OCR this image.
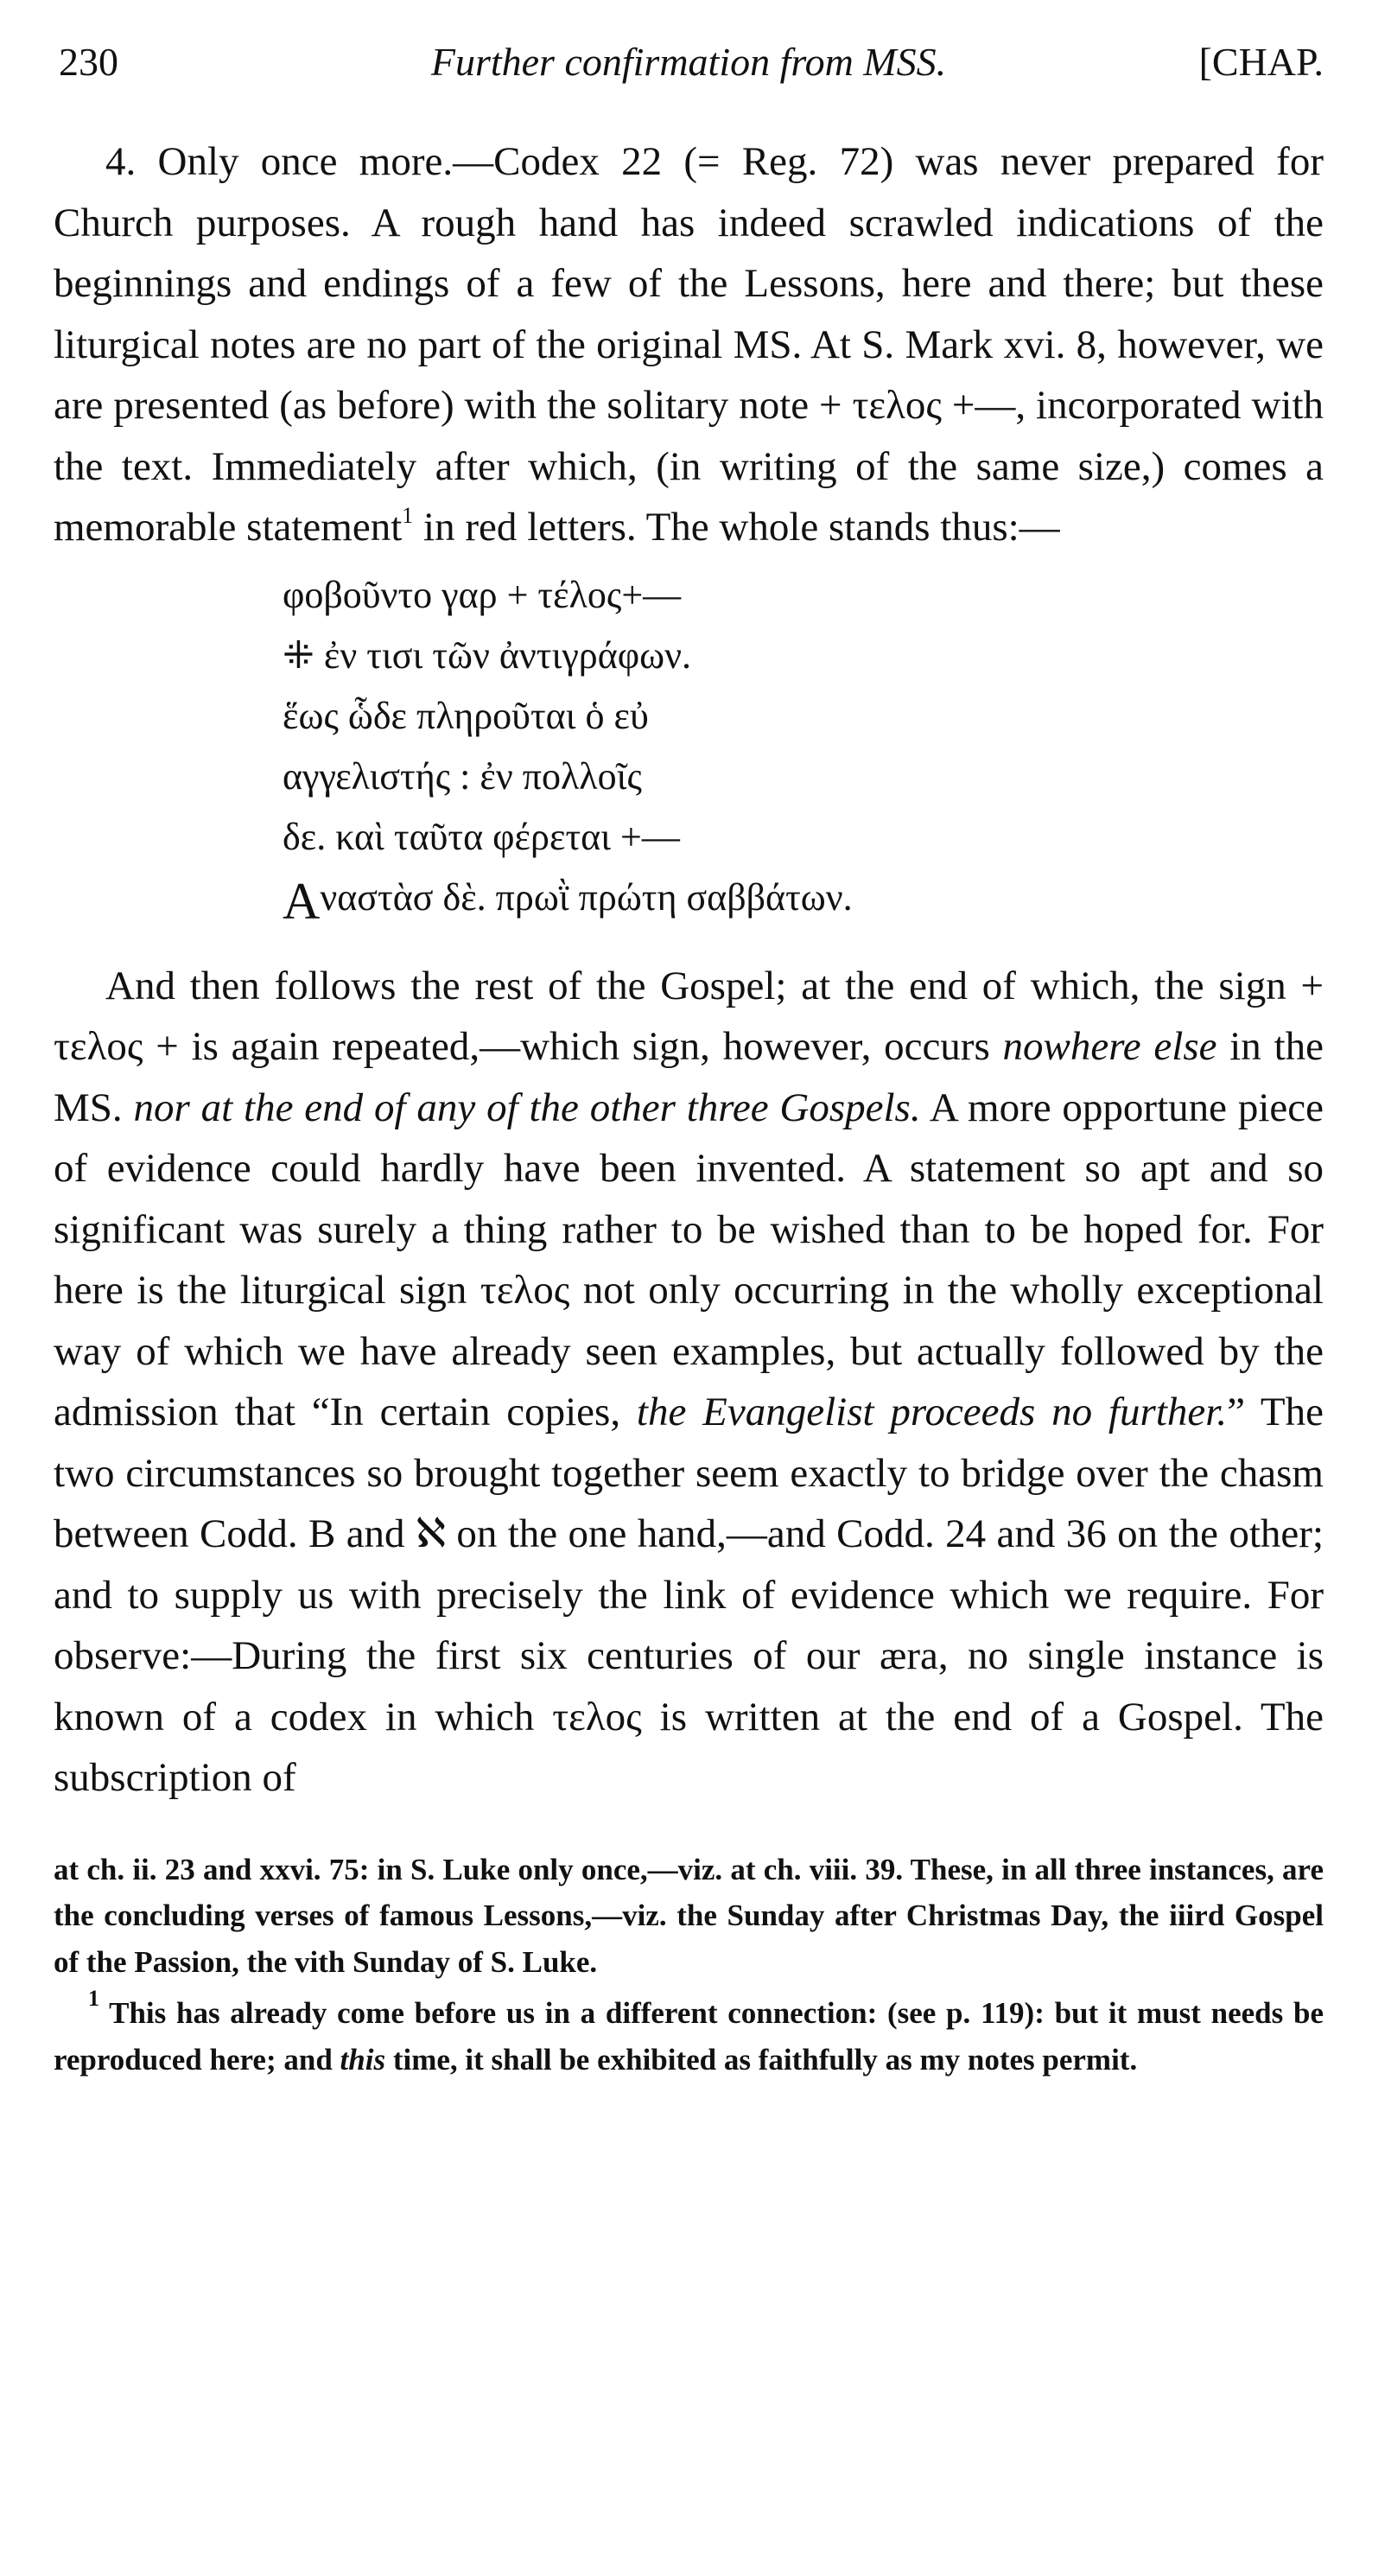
230	Further confirmation from MSS.	[CHAP.

4. Only once more.—Codex 22 (= Reg. 72) was never prepared for Church purposes. A rough hand has indeed scrawled indications of the beginnings and endings of a few of the Lessons, here and there; but these liturgical notes are no part of the original MS. At S. Mark xvi. 8, however, we are presented (as before) with the solitary note + τελος +—, incorporated with the text. Immediately after which, (in writing of the same size,) comes a memorable statement$^1$ in red letters. The whole stands thus:—

φοβοῦντο γαρ + τέλος+—
⁜ ἐν τισι τῶν ἀντιγράφων.
ἕως ὧδε πληροῦται ὁ εὐ
αγγελιστής : ἐν πολλοῖς
δε. καὶ ταῦτα φέρεται +—
Αναστὰσ δὲ. πρωῒ πρώτη σαββάτων.

And then follows the rest of the Gospel; at the end of which, the sign + τελος + is again repeated,—which sign, however, occurs nowhere else in the MS. nor at the end of any of the other three Gospels. A more opportune piece of evidence could hardly have been invented. A statement so apt and so significant was surely a thing rather to be wished than to be hoped for. For here is the liturgical sign τελος not only occurring in the wholly exceptional way of which we have already seen examples, but actually followed by the admission that “In certain copies, the Evangelist proceeds no further.” The two circumstances so brought together seem exactly to bridge over the chasm between Codd. B and ℵ on the one hand,—and Codd. 24 and 36 on the other; and to supply us with precisely the link of evidence which we require. For observe:—During the first six centuries of our æra, no single instance is known of a codex in which τελος is written at the end of a Gospel. The subscription of

at ch. ii. 23 and xxvi. 75: in S. Luke only once,—viz. at ch. viii. 39. These, in all three instances, are the concluding verses of famous Lessons,—viz. the Sunday after Christmas Day, the iiird Gospel of the Passion, the vith Sunday of S. Luke.

$^1$ This has already come before us in a different connection: (see p. 119): but it must needs be reproduced here; and this time, it shall be exhibited as faithfully as my notes permit.
